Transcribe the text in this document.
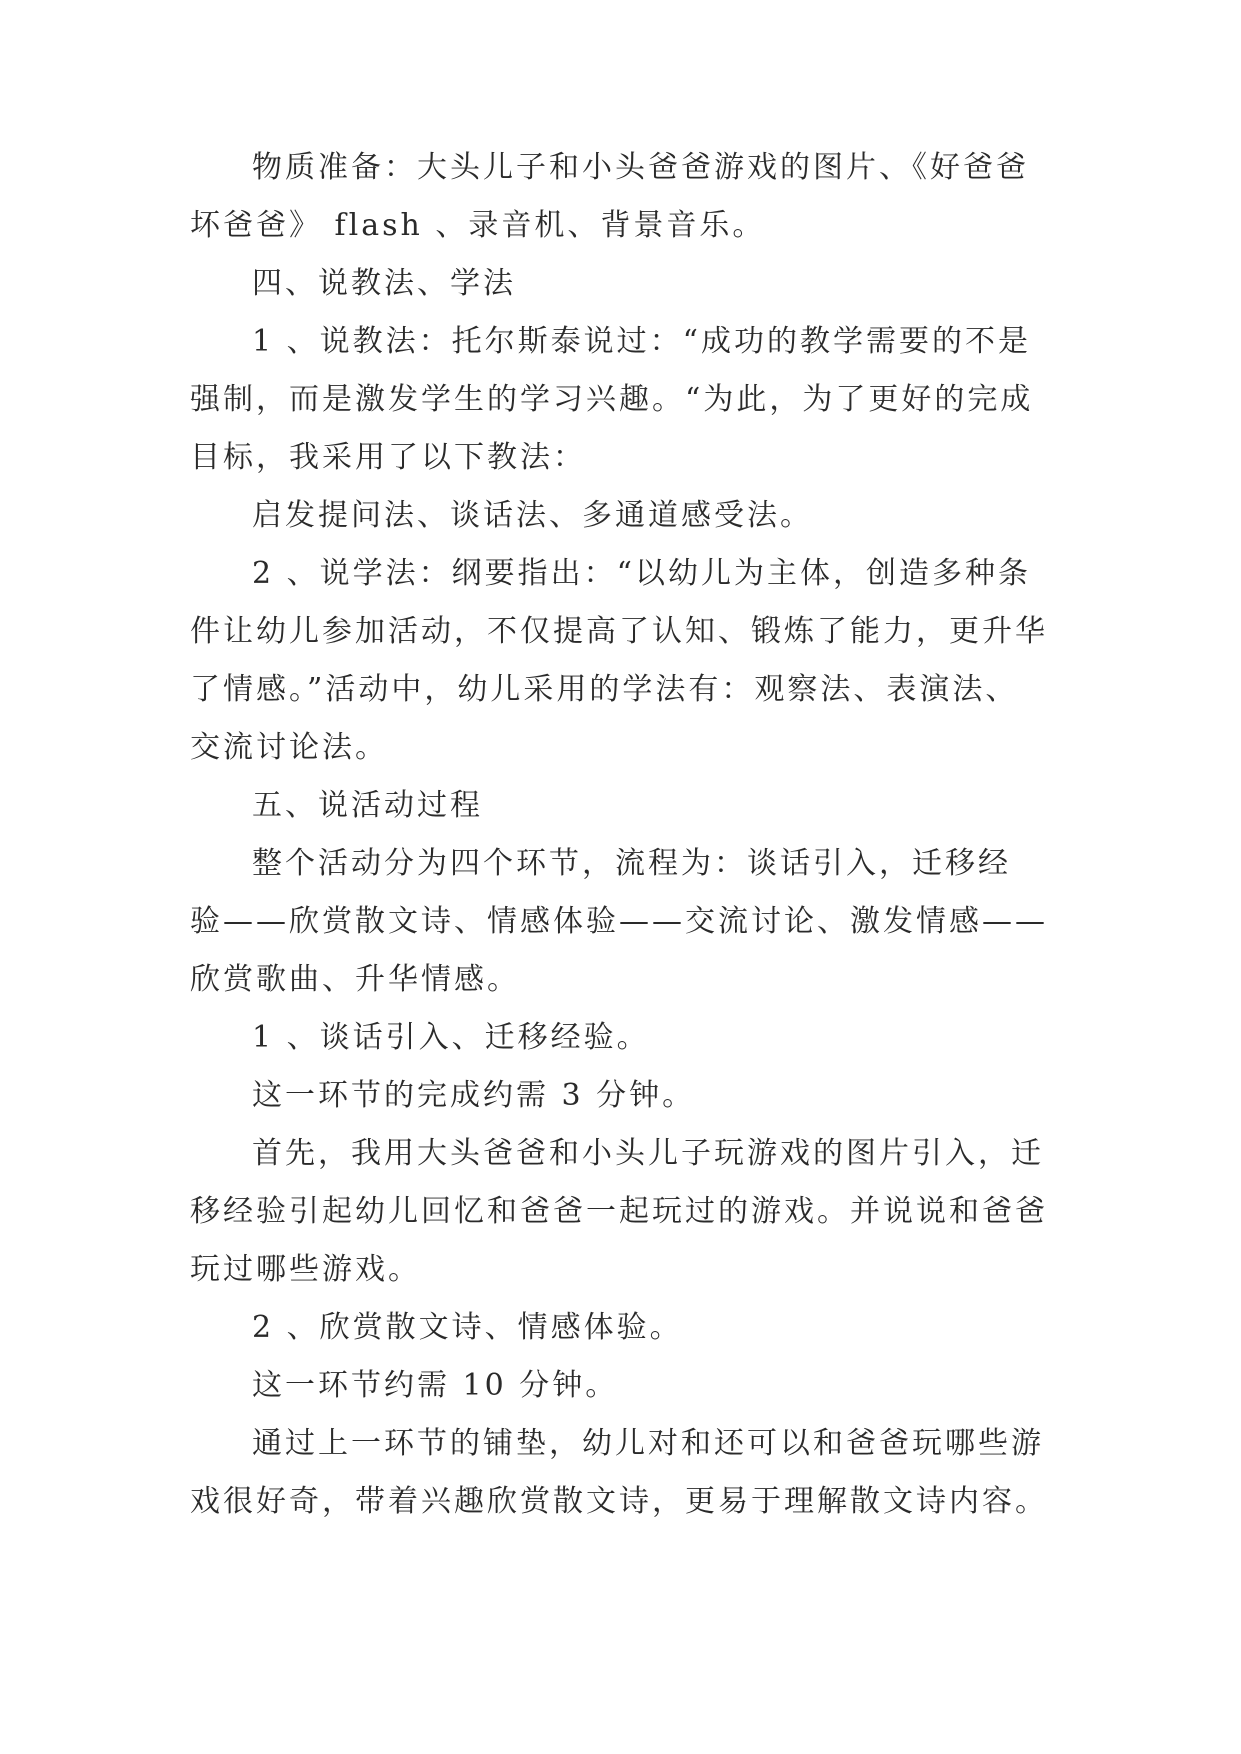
物质准备：大头儿子和小头爸爸游戏的图片、《好爸爸
坏爸爸》 flash 、录音机、背景音乐。
四、说教法、学法
1 、说教法：托尔斯泰说过：“成功的教学需要的不是
强制，而是激发学生的学习兴趣。“为此，为了更好的完成
目标，我采用了以下教法：
启发提问法、谈话法、多通道感受法。
2 、说学法：纲要指出：“以幼儿为主体，创造多种条
件让幼儿参加活动，不仅提高了认知、锻炼了能力，更升华
了情感。”活动中，幼儿采用的学法有：观察法、表演法、
交流讨论法。
五、说活动过程
整个活动分为四个环节，流程为：谈话引入，迁移经
验——欣赏散文诗、情感体验——交流讨论、激发情感——
欣赏歌曲、升华情感。
1 、谈话引入、迁移经验。
这一环节的完成约需 3 分钟。
首先，我用大头爸爸和小头儿子玩游戏的图片引入，迁
移经验引起幼儿回忆和爸爸一起玩过的游戏。并说说和爸爸
玩过哪些游戏。
2 、欣赏散文诗、情感体验。
这一环节约需 10 分钟。
通过上一环节的铺垫，幼儿对和还可以和爸爸玩哪些游
戏很好奇，带着兴趣欣赏散文诗，更易于理解散文诗内容。
